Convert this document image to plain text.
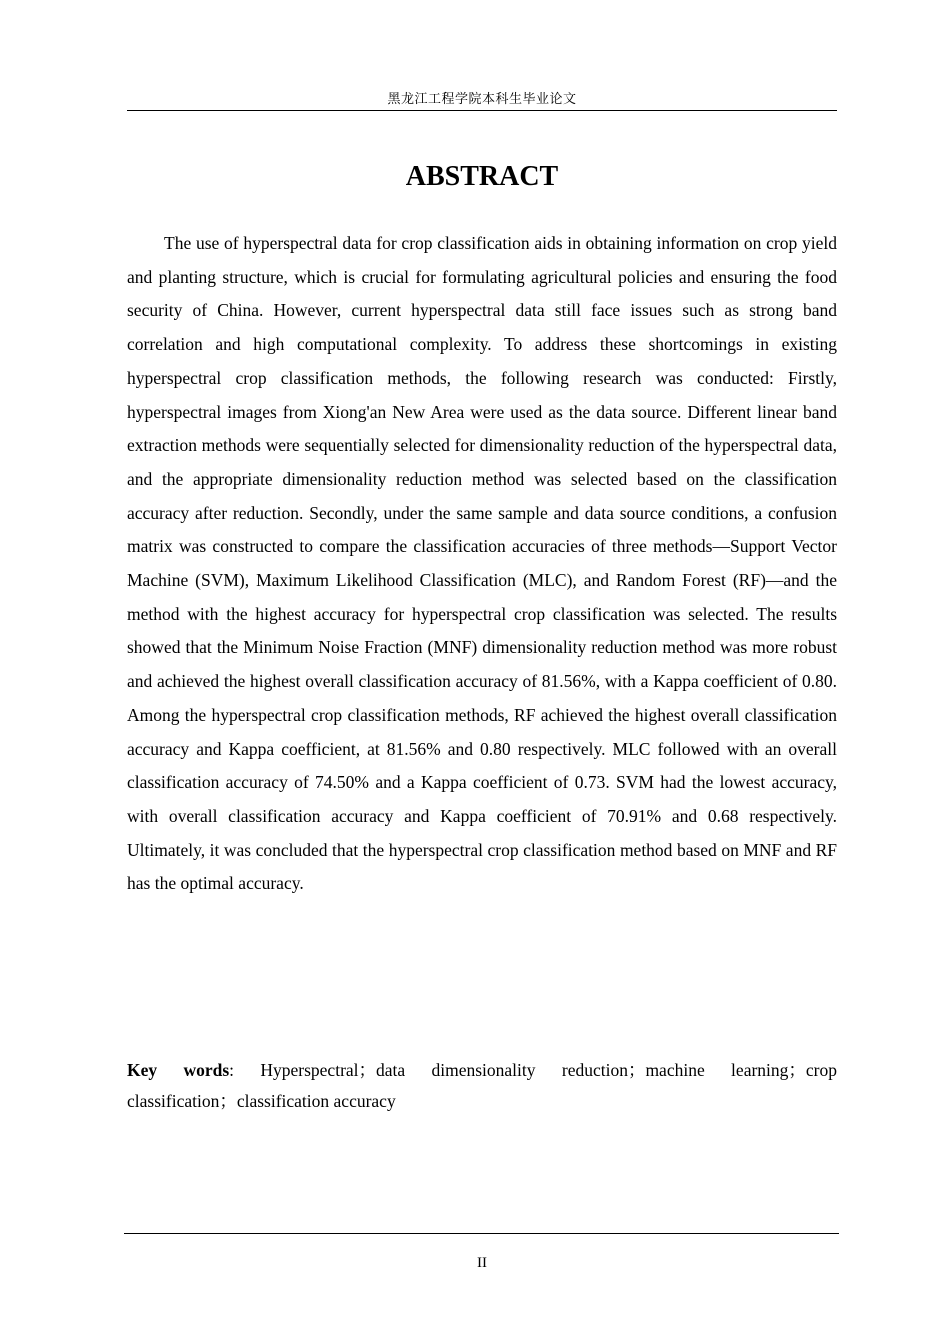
黑龙江工程学院本科生毕业论文
ABSTRACT

The use of hyperspectral data for crop classification aids in obtaining information on crop yield and planting structure, which is crucial for formulating agricultural policies and ensuring the food security of China. However, current hyperspectral data still face issues such as strong band correlation and high computational complexity. To address these shortcomings in existing hyperspectral crop classification methods, the following research was conducted: Firstly, hyperspectral images from Xiong'an New Area were used as the data source. Different linear band extraction methods were sequentially selected for dimensionality reduction of the hyperspectral data, and the appropriate dimensionality reduction method was selected based on the classification accuracy after reduction. Secondly, under the same sample and data source conditions, a confusion matrix was constructed to compare the classification accuracies of three methods—Support Vector Machine (SVM), Maximum Likelihood Classification (MLC), and Random Forest (RF)—and the method with the highest accuracy for hyperspectral crop classification was selected. The results showed that the Minimum Noise Fraction (MNF) dimensionality reduction method was more robust and achieved the highest overall classification accuracy of 81.56%, with a Kappa coefficient of 0.80. Among the hyperspectral crop classification methods, RF achieved the highest overall classification accuracy and Kappa coefficient, at 81.56% and 0.80 respectively. MLC followed with an overall classification accuracy of 74.50% and a Kappa coefficient of 0.73. SVM had the lowest accuracy, with overall classification accuracy and Kappa coefficient of 70.91% and 0.68 respectively. Ultimately, it was concluded that the hyperspectral crop classification method based on MNF and RF has the optimal accuracy.

Key words: Hyperspectral；data dimensionality reduction；machine learning；crop classification；classification accuracy

II
